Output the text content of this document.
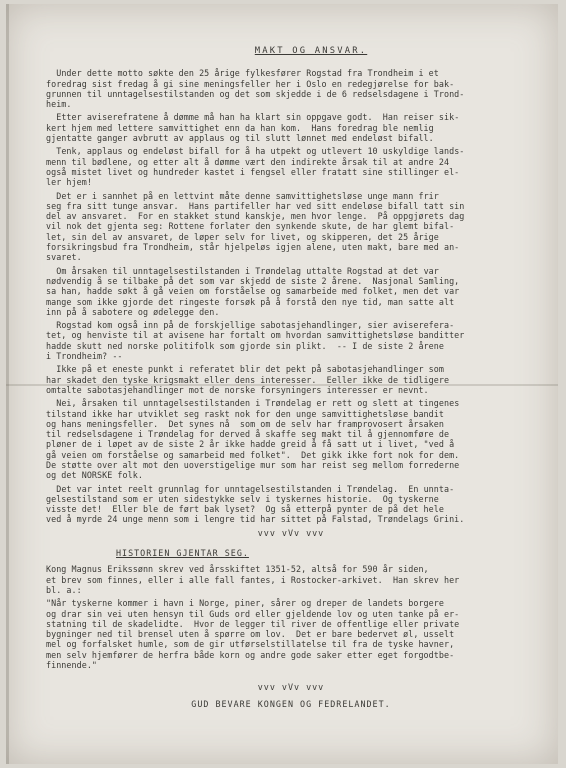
MAKT OG ANSVAR.
Under dette motto søkte den 25 årige fylkesfører Rogstad fra Trondheim i et
foredrag sist fredag å gi sine meningsfeller her i Oslo en redegjørelse for bak-
grunnen til unntagelsestilstanden og det som skjedde i de 6 redselsdagene i Trond-
heim.
Etter aviserefratene å dømme må han ha klart sin oppgave godt.  Han reiser sik-
kert hjem med lettere samvittighet enn da han kom.  Hans foredrag ble nemlig
gjentatte ganger avbrutt av applaus og til slutt lønnet med endeløst bifall.
Tenk, applaus og endeløst bifall for å ha utpekt og utlevert 10 uskyldige lands-
menn til bødlene, og etter alt å dømme vært den indirekte årsak til at andre 24
også mistet livet og hundreder kastet i fengsel eller fratatt sine stillinger el-
ler hjem!
Det er i sannhet på en lettvint måte denne samvittighetsløse unge mann frir
seg fra sitt tunge ansvar.  Hans partifeller har ved sitt endeløse bifall tatt sin
del av ansvaret.  For en stakket stund kanskje, men hvor lenge.  På oppgjørets dag
vil nok det gjenta seg: Rottene forlater den synkende skute, de har glemt bifal-
let, sin del av ansvaret, de løper selv for livet, og skipperen, det 25 årige
forsikringsbud fra Trondheim, står hjelpeløs igjen alene, uten makt, bare med an-
svaret.
Om årsaken til unntagelsestilstanden i Trøndelag uttalte Rogstad at det var
nødvendig å se tilbake på det som var skjedd de siste 2 årene.  Nasjonal Samling,
sa han, hadde søkt å gå veien om forståelse og samarbeide med folket, men det var
mange som ikke gjorde det ringeste forsøk på å forstå den nye tid, man satte alt
inn på å sabotere og ødelegge den.
Rogstad kom også inn på de forskjellige sabotasjehandlinger, sier aviserefera-
tet, og henviste til at avisene har fortalt om hvordan samvittighetsløse banditter
hadde skutt ned norske politifolk som gjorde sin plikt.  -- I de siste 2 årene
i Trondheim? --
Ikke på et eneste punkt i referatet blir det pekt på sabotasjehandlinger som
har skadet den tyske krigsmakt eller dens interesser.  Eeller ikke de tidligere
omtalte sabotasjehandlinger mot de norske forsyningers interesser er nevnt.
Nei, årsaken til unntagelsestilstanden i Trøndelag er rett og slett at tingenes
tilstand ikke har utviklet seg raskt nok for den unge samvittighetsløse bandit
og hans meningsfeller.  Det synes nå  som om de selv har framprovosert årsaken
til redselsdagene i Trøndelag for derved å skaffe seg makt til å gjennomføre de
pløner de i løpet av de siste 2 år ikke hadde greid å få satt ut i livet, "ved å
gå veien om forståelse og samarbeid med folket".  Det gikk ikke fort nok for dem.
De støtte over alt mot den uoverstigelige mur som har reist seg mellom forrederne
og det NORSKE folk.
Det var intet reelt grunnlag for unntagelsestilstanden i Trøndelag.  En unnta-
gelsestilstand som er uten sidestykke selv i tyskernes historie.  Og tyskerne
visste det!  Eller ble de ført bak lyset?  Og så etterpå pynter de på det hele
ved å myrde 24 unge menn som i lengre tid har sittet på Falstad, Trøndelags Grini.
vvv vVv vvv
HISTORIEN GJENTAR SEG.
Kong Magnus Erikssønn skrev ved årsskiftet 1351-52, altså for 590 år siden,
et brev som finnes, eller i alle fall fantes, i Rostocker-arkivet.  Han skrev her
bl. a.:
"Når tyskerne kommer i havn i Norge, piner, sårer og dreper de landets borgere
og drar sin vei uten hensyn til Guds ord eller gjeldende lov og uten tanke på er-
statning til de skadelidte.  Hvor de legger til river de offentlige eller private
bygninger ned til brensel uten å spørre om lov.  Det er bare bedervet øl, usselt
mel og forfalsket humle, som de gir utførselstillatelse til fra de tyske havner,
men selv hjemfører de herfra både korn og andre gode saker etter eget forgodtbe-
finnende."
vvv vVv vvv
GUD BEVARE KONGEN OG FEDRELANDET.
